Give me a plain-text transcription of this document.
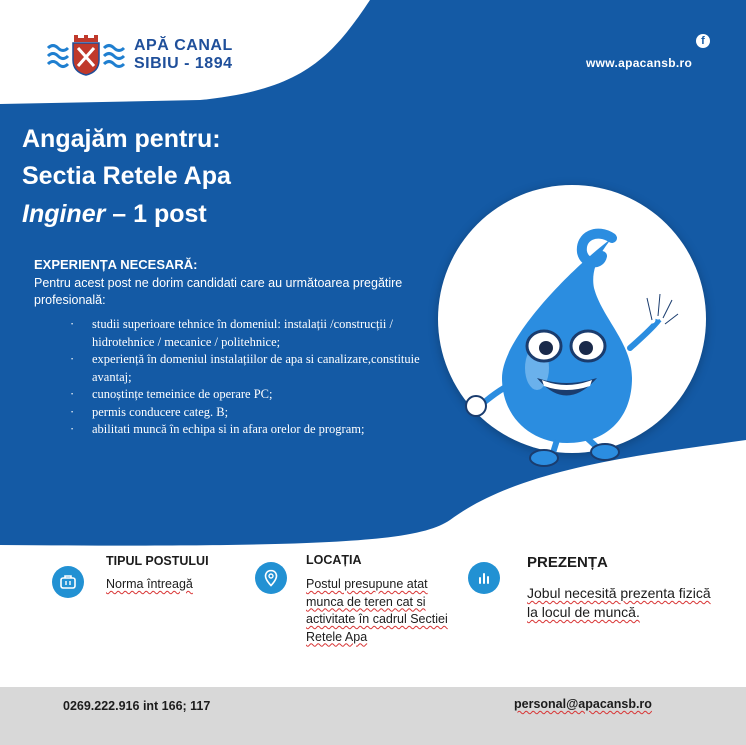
APĂ CANAL
SIBIU - 1894
f
www.apacansb.ro
Angajăm pentru:
Sectia Retele Apa
Inginer – 1 post
EXPERIENȚA NECESARĂ:
Pentru acest post ne dorim candidati care au următoarea pregătire profesională:
· studii superioare tehnice în domeniul: instalații /construcții / hidrotehnice / mecanice / politehnice;
· experiență în domeniul instalațiilor de apa si canalizare,constituie avantaj;
· cunoștințe temeinice de operare PC;
· permis conducere categ. B;
· abilitati muncă în echipa si in afara orelor de program;
TIPUL POSTULUI
Norma întreagă
LOCAȚIA
Postul presupune atat munca de teren cat si activitate în cadrul Sectiei Retele Apa
PREZENȚA
Jobul necesită prezenta fizică la locul de muncă.
0269.222.916 int 166; 117	personal@apacansb.ro
